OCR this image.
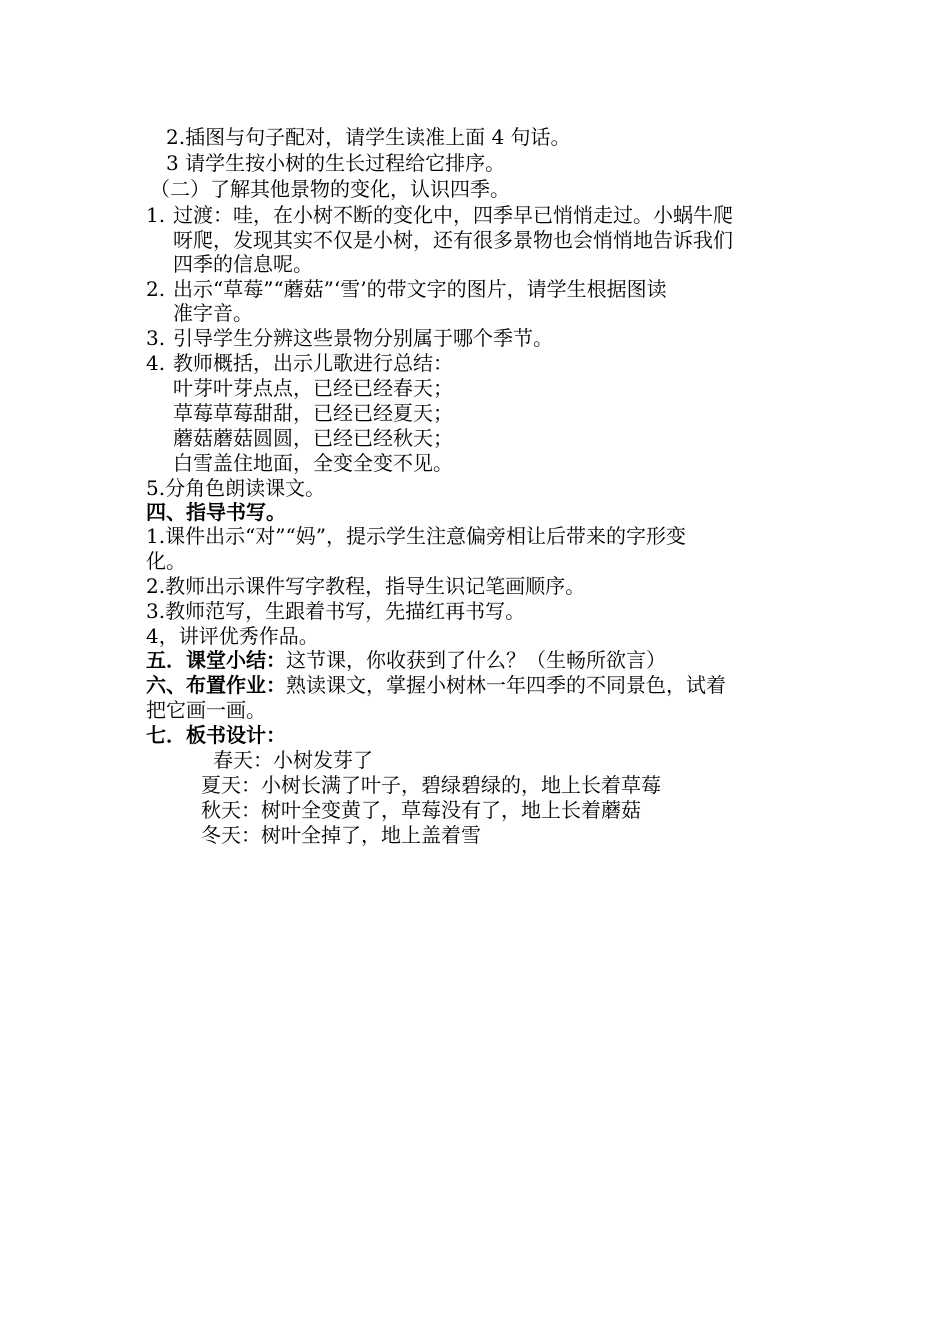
2.插图与句子配对，请学生读准上面 4 句话。
3 请学生按小树的生长过程给它排序。
（二）了解其他景物的变化，认识四季。
1. 过渡：哇，在小树不断的变化中，四季早已悄悄走过。小蜗牛爬
呀爬，发现其实不仅是小树，还有很多景物也会悄悄地告诉我们
四季的信息呢。
2. 出示“草莓”“蘑菇”‘雪’的带文字的图片，请学生根据图读
准字音。
3. 引导学生分辨这些景物分别属于哪个季节。
4. 教师概括，出示儿歌进行总结：
叶芽叶芽点点，已经已经春天；
草莓草莓甜甜，已经已经夏天；
蘑菇蘑菇圆圆，已经已经秋天；
白雪盖住地面，全变全变不见。
5.分角色朗读课文。
四、指导书写。
1.课件出示“对”“妈”，提示学生注意偏旁相让后带来的字形变
化。
2.教师出示课件写字教程，指导生识记笔画顺序。
3.教师范写，生跟着书写，先描红再书写。
4，讲评优秀作品。
五．课堂小结：这节课，你收获到了什么？（生畅所欲言）
六、布置作业：熟读课文，掌握小树林一年四季的不同景色，试着
把它画一画。
七．板书设计：
春天：小树发芽了
夏天：小树长满了叶子，碧绿碧绿的，地上长着草莓
秋天：树叶全变黄了，草莓没有了，地上长着蘑菇
冬天：树叶全掉了，地上盖着雪
